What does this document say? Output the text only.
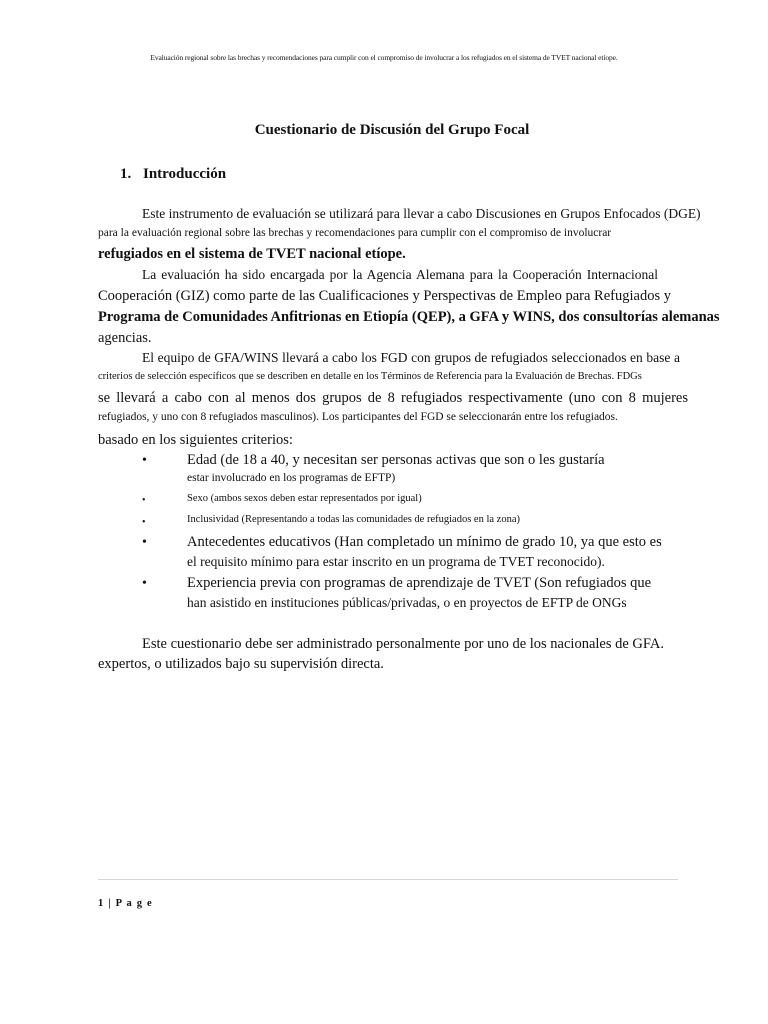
Evaluación regional sobre las brechas y recomendaciones para cumplir con el compromiso de involucrar a los refugiados en el sistema de TVET nacional etíope.
Cuestionario de Discusión del Grupo Focal
1. Introducción
Este instrumento de evaluación se utilizará para llevar a cabo Discusiones en Grupos Enfocados (DGE)
para la evaluación regional sobre las brechas y recomendaciones para cumplir con el compromiso de involucrar
refugiados en el sistema de TVET nacional etíope.
La evaluación ha sido encargada por la Agencia Alemana para la Cooperación Internacional
Cooperación (GIZ) como parte de las Cualificaciones y Perspectivas de Empleo para Refugiados y
Programa de Comunidades Anfitrionas en Etiopía (QEP), a GFA y WINS, dos consultorías alemanas
agencias.
El equipo de GFA/WINS llevará a cabo los FGD con grupos de refugiados seleccionados en base a
criterios de selección específicos que se describen en detalle en los Términos de Referencia para la Evaluación de Brechas. FDGs
se llevará a cabo con al menos dos grupos de 8 refugiados respectivamente (uno con 8 mujeres
refugiados, y uno con 8 refugiados masculinos). Los participantes del FGD se seleccionarán entre los refugiados.
basado en los siguientes criterios:
•	Edad (de 18 a 40, y necesitan ser personas activas que son o les gustaría
estar involucrado en los programas de EFTP)
•	Sexo (ambos sexos deben estar representados por igual)
•	Inclusividad (Representando a todas las comunidades de refugiados en la zona)
•	Antecedentes educativos (Han completado un mínimo de grado 10, ya que esto es
el requisito mínimo para estar inscrito en un programa de TVET reconocido).
•	Experiencia previa con programas de aprendizaje de TVET (Son refugiados que
han asistido en instituciones públicas/privadas, o en proyectos de EFTP de ONGs
Este cuestionario debe ser administrado personalmente por uno de los nacionales de GFA.
expertos, o utilizados bajo su supervisión directa.
1 | P a g e
